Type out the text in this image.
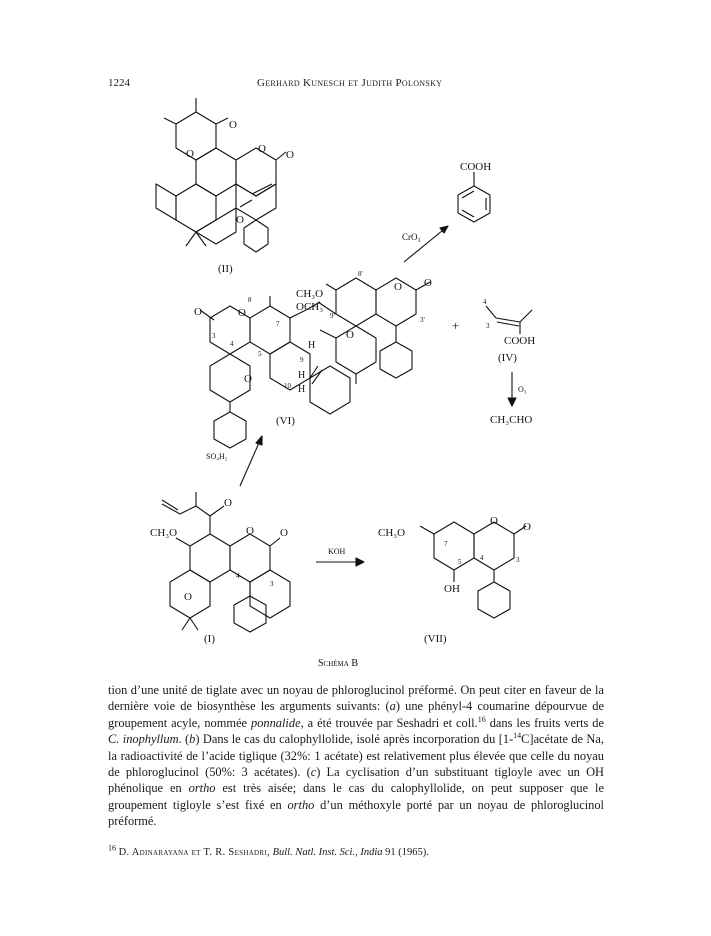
1224	Gerhard Kunesch et Judith Polonsky
O
O
O O
O
(II)
COOH
CrO₃
CH₃O
OCH₃
O	O
O O
O
O
H
H
H
8
8'
3'
7
9'
3
4
5
9
10
(VI)
+
4
3
COOH
(IV)
O₃
CH₃CHO
SO₄H₂
O
CH₃O	O O
4
3
O
(I)
KOH
CH₃O
O O
7
5	4	3
OH
(VII)
Schéma B

tion d’une unité de tiglate avec un noyau de phloroglucinol préformé. On peut citer en faveur de la dernière voie de biosynthèse les arguments suivants: (a) une phényl-4 coumarine dépourvue de groupement acyle, nommée ponnalide, a été trouvée par Seshadri et coll.$^{16}$ dans les fruits verts de C. inophyllum. (b) Dans le cas du calophyllolide, isolé après incorporation du [1-$^{14}$C]acétate de Na, la radioactivité de l’acide tiglique (32%: 1 acétate) est relativement plus élevée que celle du noyau de phloroglucinol (50%: 3 acétates). (c) La cyclisation d’un substituant tigloyle avec un OH phénolique en ortho est très aisée; dans le cas du calophyllolide, on peut supposer que le groupement tigloyle s’est fixé en ortho d’un méthoxyle porté par un noyau de phloroglucinol préformé.

$^{16}$ D. Adinarayana et T. R. Seshadri, Bull. Natl. Inst. Sci., India 91 (1965).
